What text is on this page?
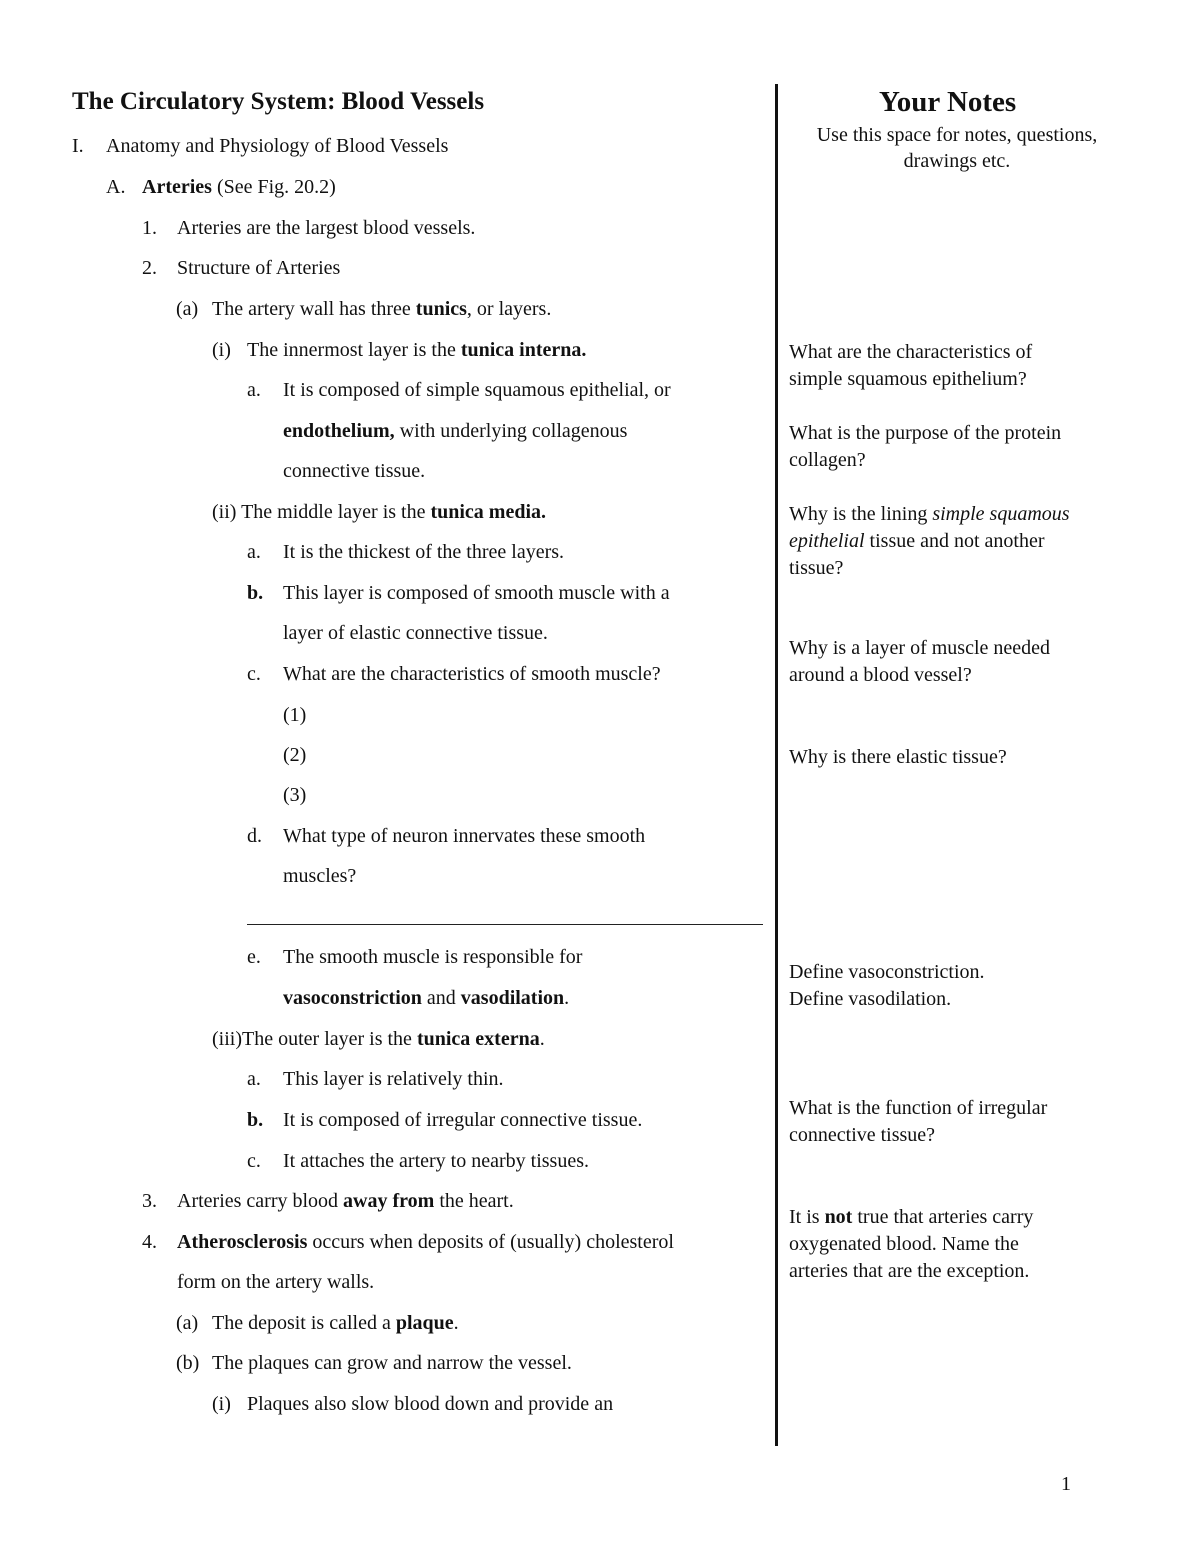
The Circulatory System: Blood Vessels
I. Anatomy and Physiology of Blood Vessels
A. Arteries (See Fig. 20.2)
1. Arteries are the largest blood vessels.
2. Structure of Arteries
(a) The artery wall has three tunics, or layers.
(i) The innermost layer is the tunica interna.
a. It is composed of simple squamous epithelial, or
endothelium, with underlying collagenous
connective tissue.
(ii) The middle layer is the tunica media.
a. It is the thickest of the three layers.
b. This layer is composed of smooth muscle with a
layer of elastic connective tissue.
c. What are the characteristics of smooth muscle?
(1)
(2)
(3)
d. What type of neuron innervates these smooth
muscles?
e. The smooth muscle is responsible for
vasoconstriction and vasodilation.
(iii)The outer layer is the tunica externa.
a. This layer is relatively thin.
b. It is composed of irregular connective tissue.
c. It attaches the artery to nearby tissues.
3. Arteries carry blood away from the heart.
4. Atherosclerosis occurs when deposits of (usually) cholesterol
form on the artery walls.
(a) The deposit is called a plaque.
(b) The plaques can grow and narrow the vessel.
(i) Plaques also slow blood down and provide an
Your Notes
Use this space for notes, questions,
drawings etc.
What are the characteristics of
simple squamous epithelium?
What is the purpose of the protein
collagen?
Why is the lining simple squamous
epithelial tissue and not another
tissue?
Why is a layer of muscle needed
around a blood vessel?
Why is there elastic tissue?
Define vasoconstriction.
Define vasodilation.
What is the function of irregular
connective tissue?
It is not true that arteries carry
oxygenated blood. Name the
arteries that are the exception.
1
